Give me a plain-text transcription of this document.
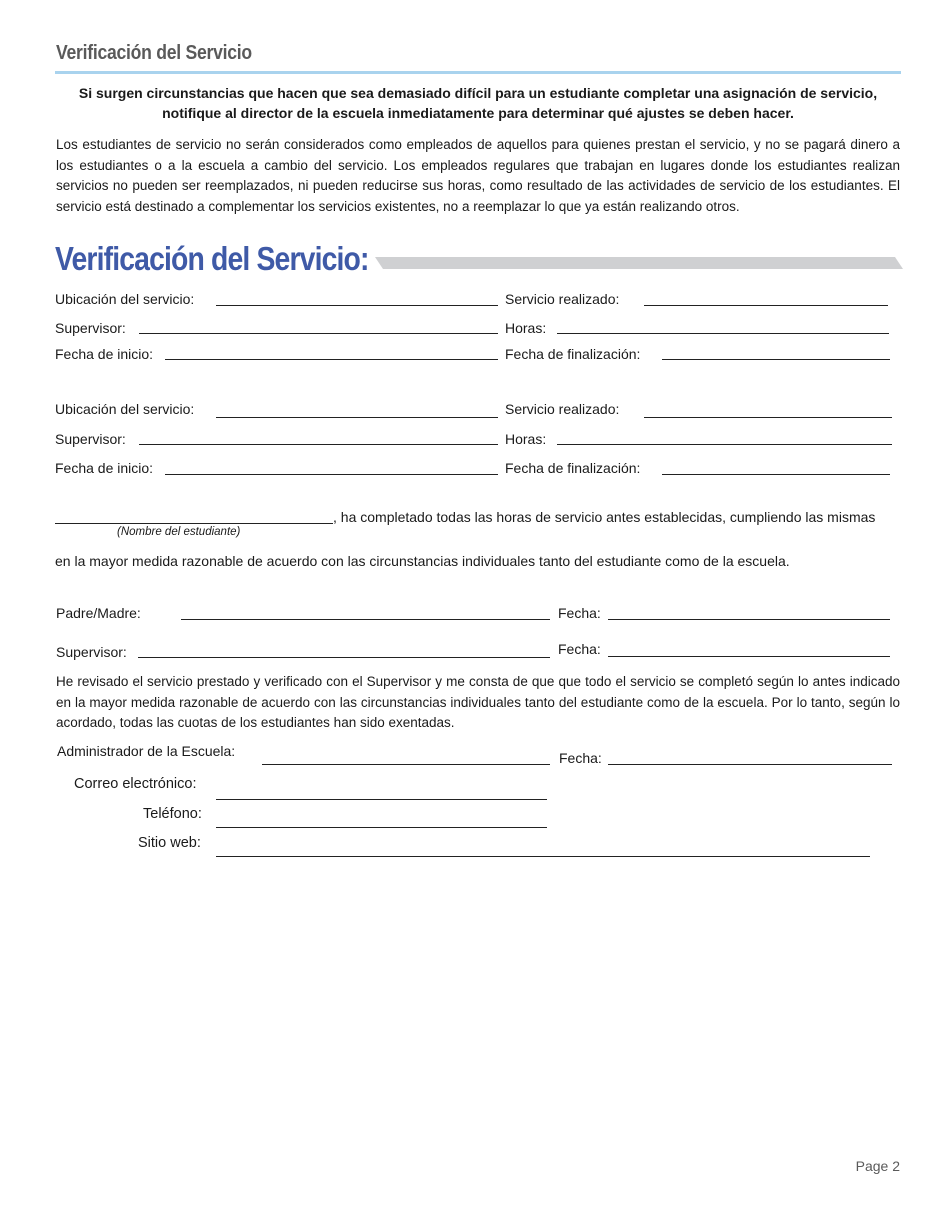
Verificación del Servicio
Si surgen circunstancias que hacen que sea demasiado difícil para un estudiante completar una asignación de servicio, notifique al director de la escuela inmediatamente para determinar qué ajustes se deben hacer.
Los estudiantes de servicio no serán considerados como empleados de aquellos para quienes prestan el servicio, y no se pagará dinero a los estudiantes o a la escuela a cambio del servicio. Los empleados regulares que trabajan en lugares donde los estudiantes realizan servicios no pueden ser reemplazados, ni pueden reducirse sus horas, como resultado de las actividades de servicio de los estudiantes. El servicio está destinado a complementar los servicios existentes, no a reemplazar lo que ya están realizando otros.
Verificación del Servicio:
Ubicación del servicio:	Servicio realizado:
Supervisor:	Horas:
Fecha de inicio:	Fecha de finalización:
Ubicación del servicio:	Servicio realizado:
Supervisor:	Horas:
Fecha de inicio:	Fecha de finalización:
, ha completado todas las horas de servicio antes establecidas, cumpliendo las mismas
(Nombre del estudiante)
en la mayor medida razonable de acuerdo con las circunstancias individuales tanto del estudiante como de la escuela.
Padre/Madre:	Fecha:
Supervisor:	Fecha:
He revisado el servicio prestado y verificado con el Supervisor y me consta de que que todo el servicio se completó según lo antes indicado en la mayor medida razonable de acuerdo con las circunstancias individuales tanto del estudiante como de la escuela. Por lo tanto, según lo acordado, todas las cuotas de los estudiantes han sido exentadas.
Administrador de la Escuela:	Fecha:
Correo electrónico:
Teléfono:
Sitio web:
Page 2
